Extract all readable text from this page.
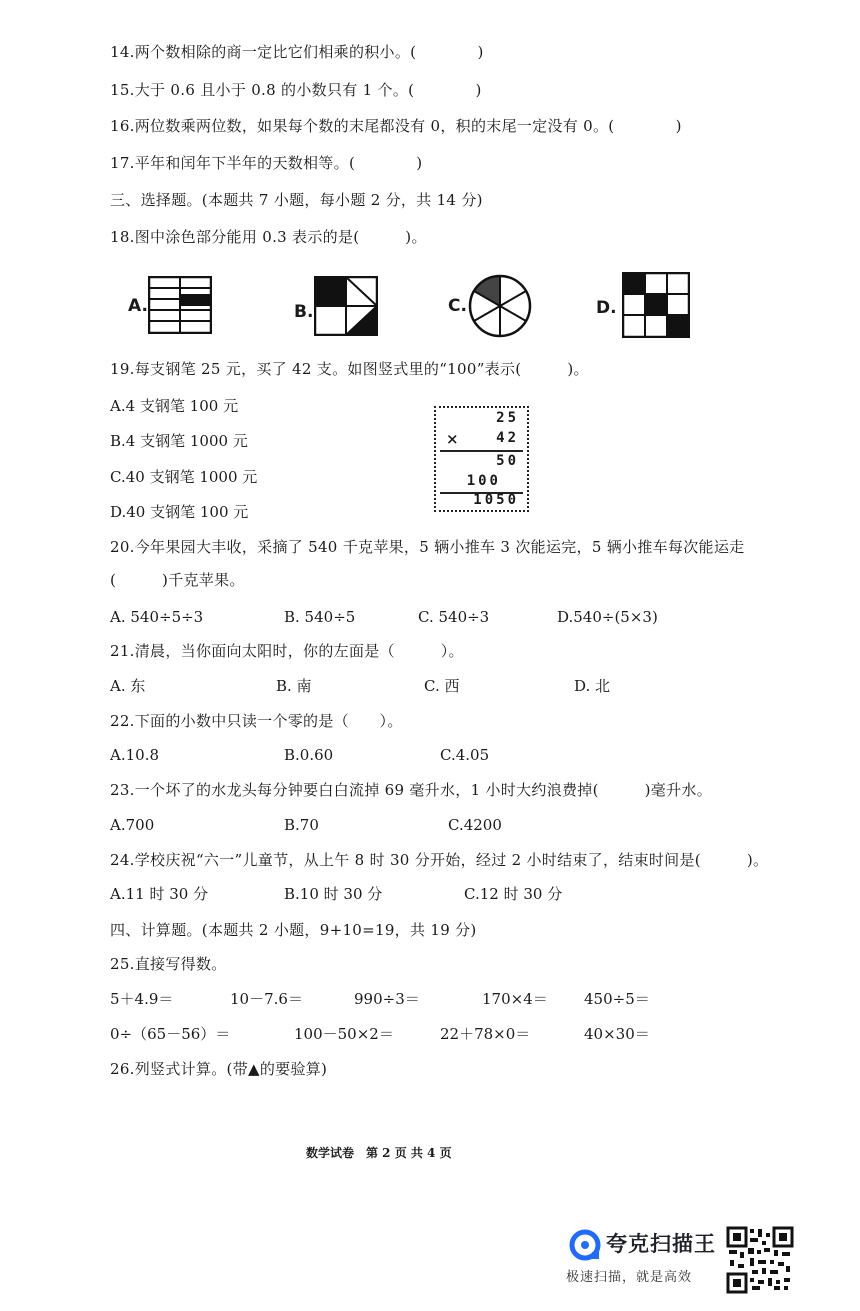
14.两个数相除的商一定比它们相乘的积小。(　　　　)
15.大于 0.6 且小于 0.8 的小数只有 1 个。(　　　　)
16.两位数乘两位数，如果每个数的末尾都没有 0，积的末尾一定没有 0。(　　　　)
17.平年和闰年下半年的天数相等。(　　　　)
三、选择题。(本题共 7 小题，每小题 2 分，共 14 分)
18.图中涂色部分能用 0.3 表示的是(　　　)。
A.	B.	C.	D.
19.每支钢笔 25 元，买了 42 支。如图竖式里的“100”表示(　　　)。
A.4 支钢笔 100 元
B.4 支钢笔 1000 元
C.40 支钢笔 1000 元
D.40 支钢笔 100 元
25
×	42
50
100
1050
20.今年果园大丰收，采摘了 540 千克苹果，5 辆小推车 3 次能运完，5 辆小推车每次能运走
(　　　)千克苹果。
A. 540÷5÷3	B. 540÷5	C. 540÷3	D.540÷(5×3)
21.清晨，当你面向太阳时，你的左面是（　　　）。
A. 东	B. 南	C. 西	D. 北
22.下面的小数中只读一个零的是（　　）。
A.10.8	B.0.60	C.4.05
23.一个坏了的水龙头每分钟要白白流掉 69 毫升水，1 小时大约浪费掉(　　　)毫升水。
A.700	B.70	C.4200
24.学校庆祝“六一”儿童节，从上午 8 时 30 分开始，经过 2 小时结束了，结束时间是(　　　)。
A.11 时 30 分	B.10 时 30 分	C.12 时 30 分
四、计算题。(本题共 2 小题，9+10=19，共 19 分)
25.直接写得数。
5＋4.9＝	10－7.6＝	990÷3＝	170×4＝ 450÷5＝
0÷（65－56）＝	100－50×2＝	22＋78×0＝	40×30＝
26.列竖式计算。(带▲的要验算)
数学试卷　第 2 页 共 4 页
夸克扫描王
极速扫描，就是高效
